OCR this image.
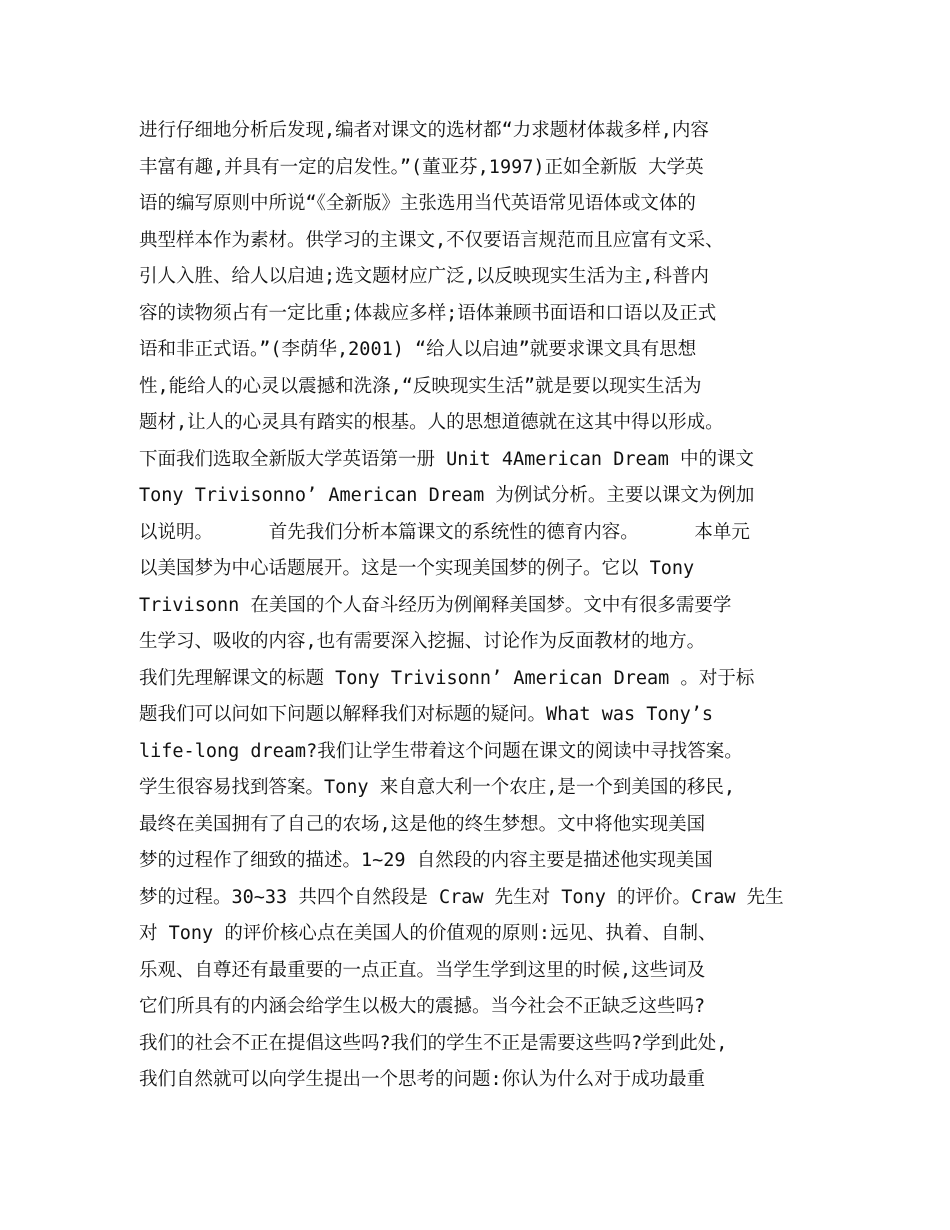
进行仔细地分析后发现,编者对课文的选材都“力求题材体裁多样,内容
丰富有趣,并具有一定的启发性。”(董亚芬,1997)正如全新版 大学英
语的编写原则中所说“《全新版》主张选用当代英语常见语体或文体的
典型样本作为素材。供学习的主课文,不仅要语言规范而且应富有文采、
引人入胜、给人以启迪;选文题材应广泛,以反映现实生活为主,科普内
容的读物须占有一定比重;体裁应多样;语体兼顾书面语和口语以及正式
语和非正式语。”(李荫华,2001) “给人以启迪”就要求课文具有思想
性,能给人的心灵以震撼和洗涤,“反映现实生活”就是要以现实生活为
题材,让人的心灵具有踏实的根基。人的思想道德就在这其中得以形成。
下面我们选取全新版大学英语第一册 Unit 4American Dream 中的课文
Tony Trivisonno’ American Dream 为例试分析。主要以课文为例加
以说明。     首先我们分析本篇课文的系统性的德育内容。     本单元
以美国梦为中心话题展开。这是一个实现美国梦的例子。它以 Tony
Trivisonn 在美国的个人奋斗经历为例阐释美国梦。文中有很多需要学
生学习、吸收的内容,也有需要深入挖掘、讨论作为反面教材的地方。
我们先理解课文的标题 Tony Trivisonn’ American Dream 。对于标
题我们可以问如下问题以解释我们对标题的疑问。What was Tony’s
life-long dream?我们让学生带着这个问题在课文的阅读中寻找答案。
学生很容易找到答案。Tony 来自意大利一个农庄,是一个到美国的移民,
最终在美国拥有了自己的农场,这是他的终生梦想。文中将他实现美国
梦的过程作了细致的描述。1~29 自然段的内容主要是描述他实现美国
梦的过程。30~33 共四个自然段是 Craw 先生对 Tony 的评价。Craw 先生
对 Tony 的评价核心点在美国人的价值观的原则:远见、执着、自制、
乐观、自尊还有最重要的一点正直。当学生学到这里的时候,这些词及
它们所具有的内涵会给学生以极大的震撼。当今社会不正缺乏这些吗?
我们的社会不正在提倡这些吗?我们的学生不正是需要这些吗?学到此处,
我们自然就可以向学生提出一个思考的问题:你认为什么对于成功最重
